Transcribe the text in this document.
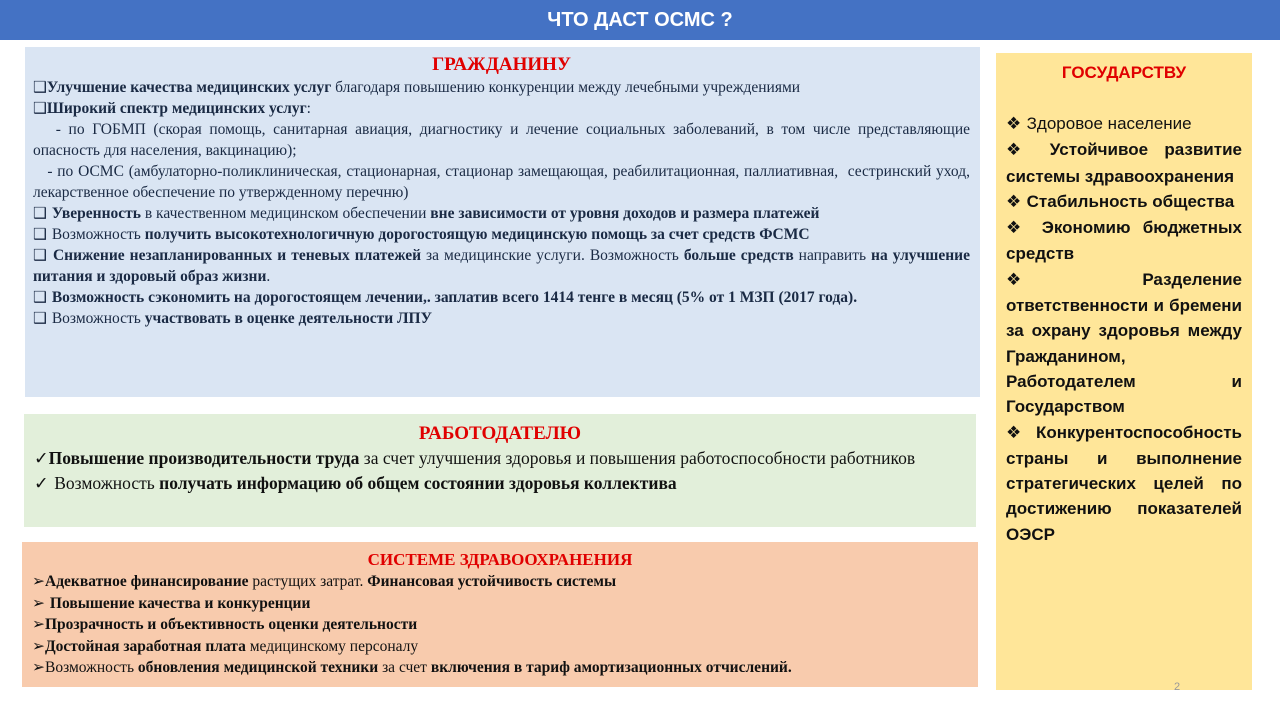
ЧТО ДАСТ ОСМС ?
ГРАЖДАНИНУ
❑Улучшение качества медицинских услуг благодаря повышению конкуренции между лечебными учреждениями
❑Широкий спектр медицинских услуг:
- по ГОБМП (скорая помощь, санитарная авиация, диагностику и лечение социальных заболеваний, в том числе представляющие опасность для населения, вакцинацию);
- по ОСМС (амбулаторно-поликлиническая, стационарная, стационар замещающая, реабилитационная, паллиативная,  сестринский уход, лекарственное обеспечение по утвержденному перечню)
❑ Уверенность в качественном медицинском обеспечении вне зависимости от уровня доходов и размера платежей
❑ Возможность получить высокотехнологичную дорогостоящую медицинскую помощь за счет средств ФСМС
❑ Снижение незапланированных и теневых платежей за медицинские услуги. Возможность больше средств направить на улучшение питания и здоровый образ жизни.
❑ Возможность сэкономить на дорогостоящем лечении,. заплатив всего 1414 тенге в месяц (5% от 1 МЗП (2017 года).
❑ Возможность участвовать в оценке деятельности ЛПУ
РАБОТОДАТЕЛЮ
✓Повышение производительности труда за счет улучшения здоровья и повышения работоспособности работников
✓ Возможность получать информацию об общем состоянии здоровья коллектива
СИСТЕМЕ ЗДРАВООХРАНЕНИЯ
➢Адекватное финансирование растущих затрат. Финансовая устойчивость системы
➢ Повышение качества и конкуренции
➢Прозрачность и объективность оценки деятельности
➢Достойная заработная плата медицинскому персоналу
➢Возможность обновления медицинской техники за счет включения в тариф амортизационных отчислений.
ГОСУДАРСТВУ
❖ Здоровое население
❖ Устойчивое развитие системы здравоохранения
❖ Стабильность общества
❖ Экономию бюджетных средств
❖ Разделение ответственности и бремени за охрану здоровья между Гражданином, Работодателем и Государством
❖Конкурентоспособность страны и выполнение стратегических целей по достижению показателей ОЭСР
2
